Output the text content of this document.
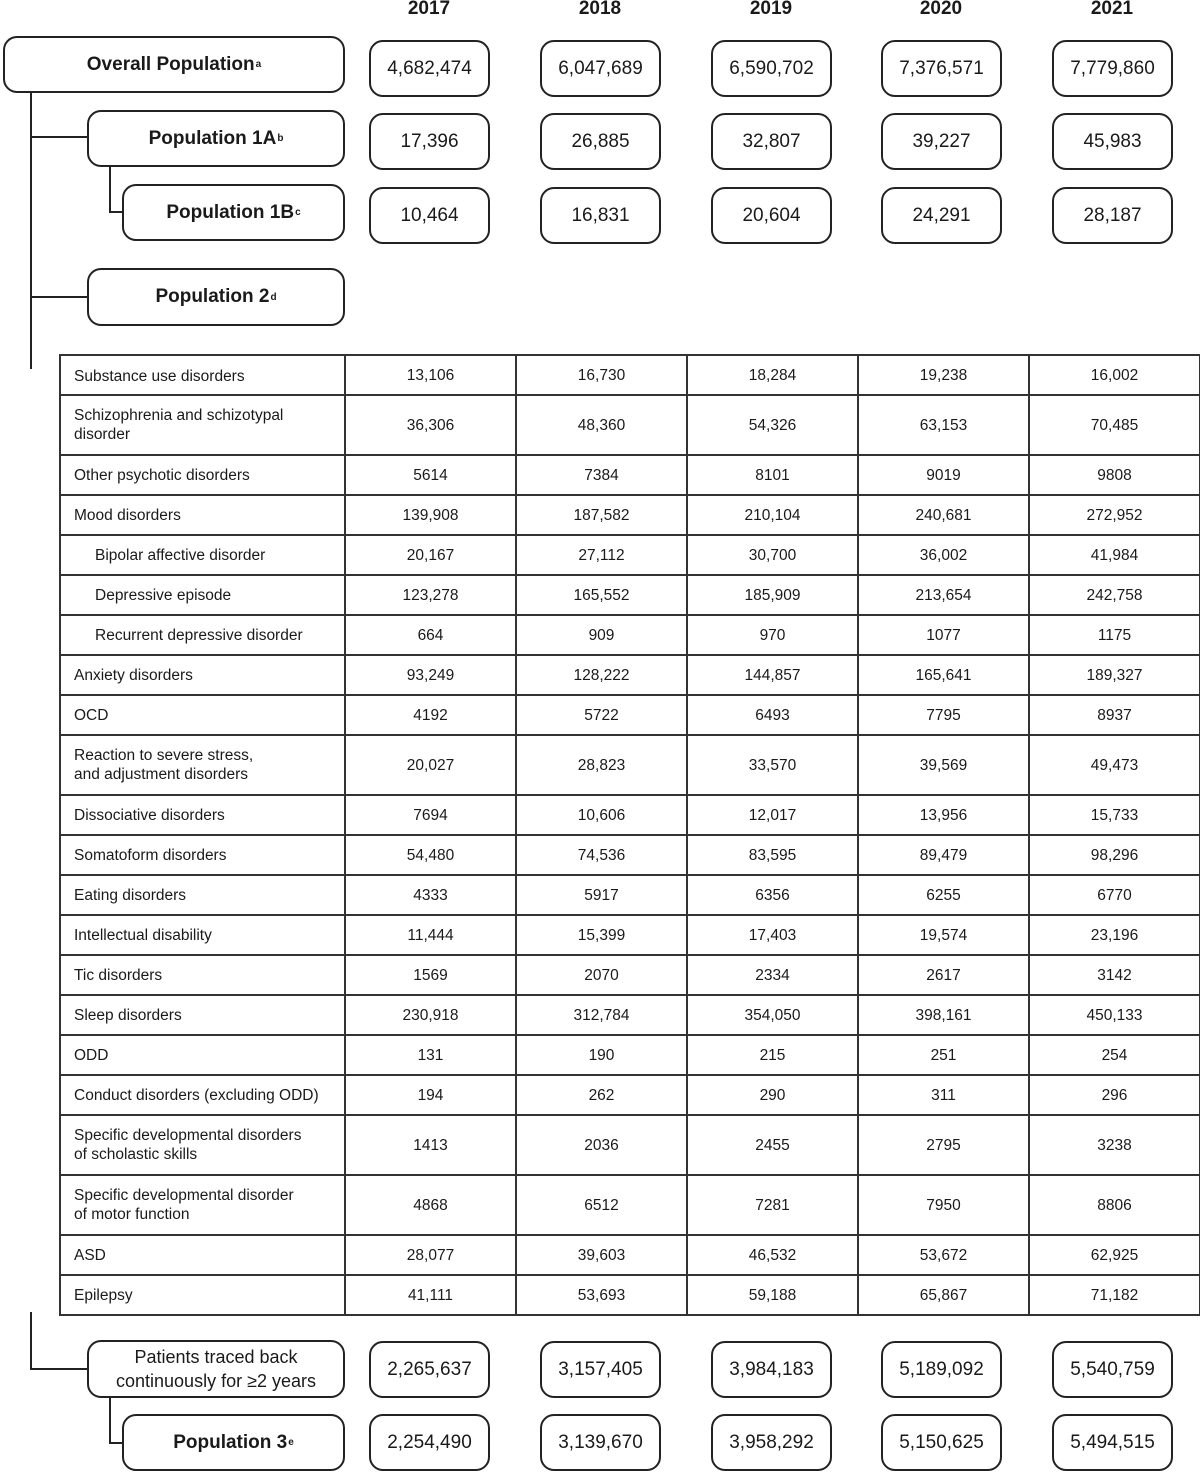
2017	2018	2019	2020	2021
Overall Population a	4,682,474	6,047,689	6,590,702	7,376,571	7,779,860
Population 1A b	17,396	26,885	32,807	39,227	45,983
Population 1B c	10,464	16,831	20,604	24,291	28,187
Population 2 d
Substance use disorders	13,106	16,730	18,284	19,238	16,002
Schizophrenia and schizotypal
disorder	36,306	48,360	54,326	63,153	70,485
Other psychotic disorders	5614	7384	8101	9019	9808
Mood disorders	139,908	187,582	210,104	240,681	272,952
Bipolar affective disorder	20,167	27,112	30,700	36,002	41,984
Depressive episode	123,278	165,552	185,909	213,654	242,758
Recurrent depressive disorder	664	909	970	1077	1175
Anxiety disorders	93,249	128,222	144,857	165,641	189,327
OCD	4192	5722	6493	7795	8937
Reaction to severe stress,
and adjustment disorders	20,027	28,823	33,570	39,569	49,473
Dissociative disorders	7694	10,606	12,017	13,956	15,733
Somatoform disorders	54,480	74,536	83,595	89,479	98,296
Eating disorders	4333	5917	6356	6255	6770
Intellectual disability	11,444	15,399	17,403	19,574	23,196
Tic disorders	1569	2070	2334	2617	3142
Sleep disorders	230,918	312,784	354,050	398,161	450,133
ODD	131	190	215	251	254
Conduct disorders (excluding ODD)	194	262	290	311	296
Specific developmental disorders
of scholastic skills	1413	2036	2455	2795	3238
Specific developmental disorder
of motor function	4868	6512	7281	7950	8806
ASD	28,077	39,603	46,532	53,672	62,925
Epilepsy	41,111	53,693	59,188	65,867	71,182
Patients traced back
continuously for ≥2 years
2,265,637	3,157,405	3,984,183	5,189,092	5,540,759
Population 3 e	2,254,490	3,139,670	3,958,292	5,150,625	5,494,515
